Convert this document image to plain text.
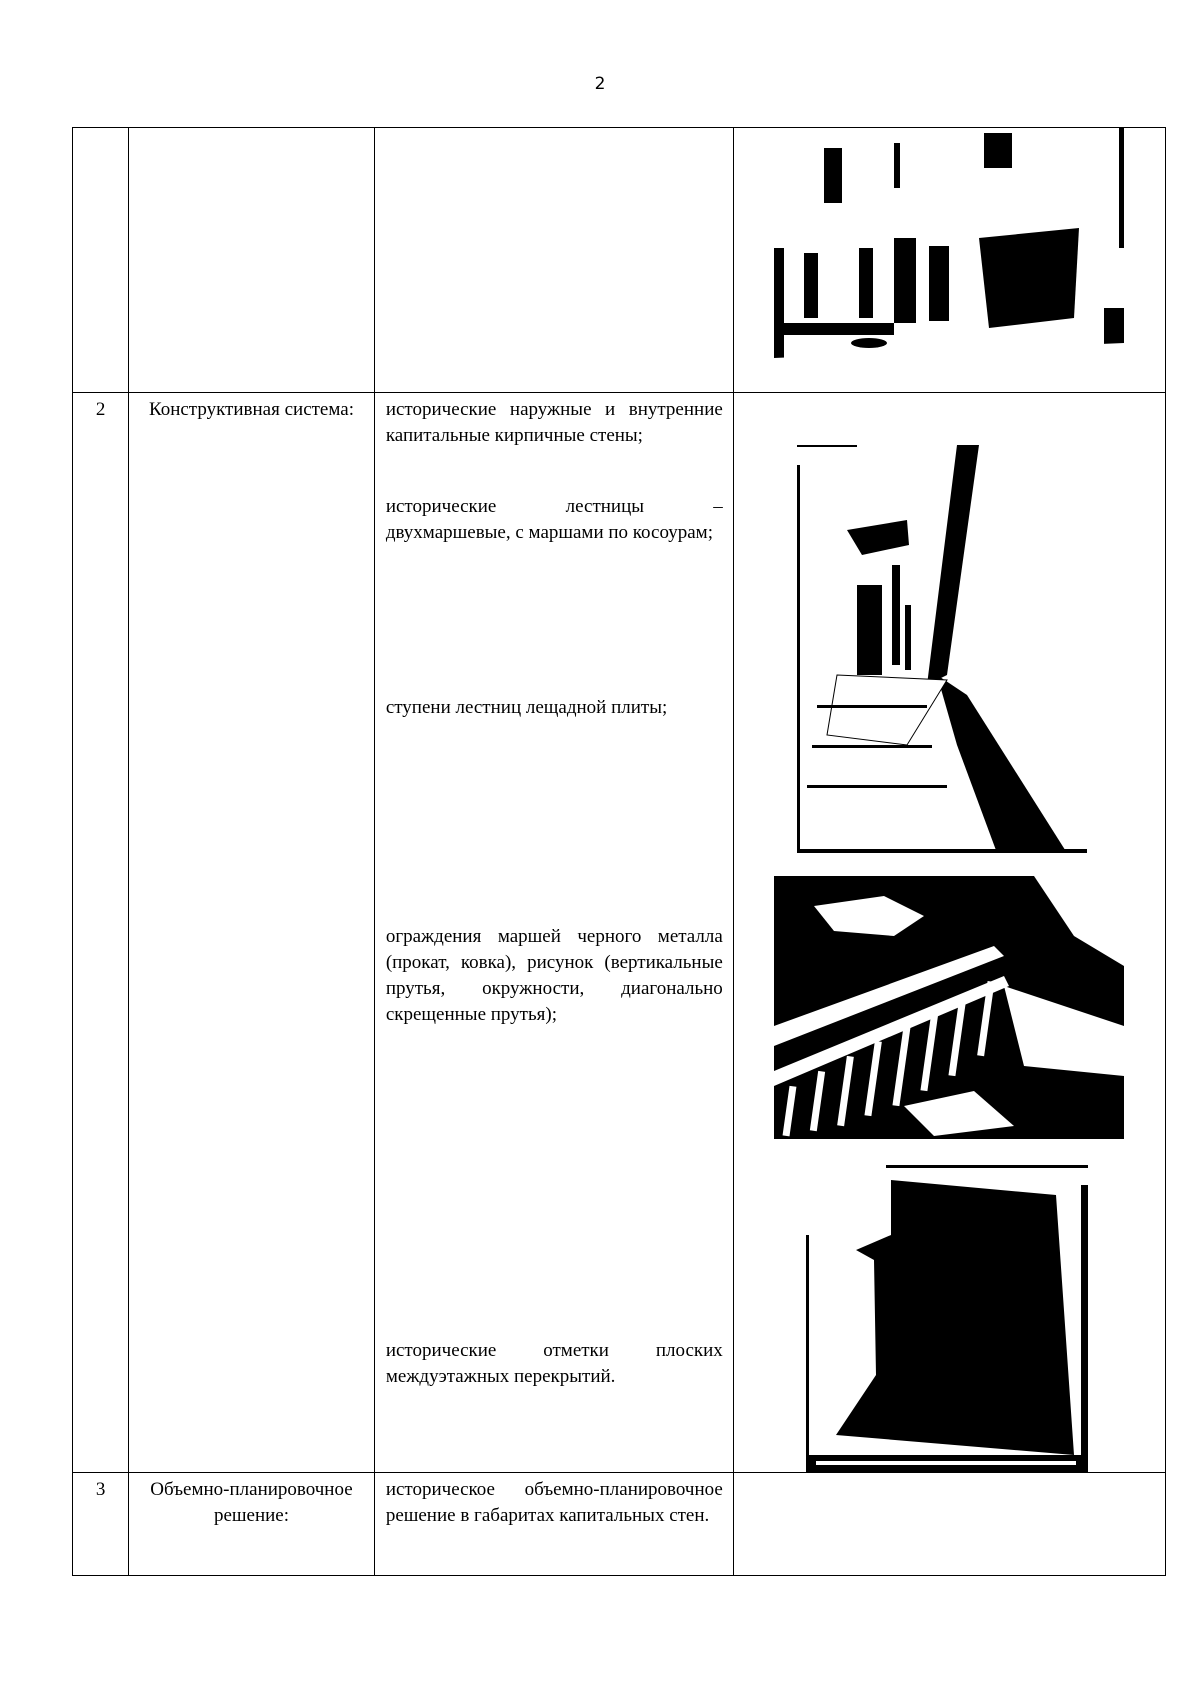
2

2	Конструктивная система:	исторические наружные и внутренние капитальные кирпичные стены;

исторические лестницы – двухмаршевые, с маршами по косоурам;

ступени лестниц лещадной плиты;

ограждения маршей черного металла (прокат, ковка), рисунок (вертикальные прутья, окружности, диагонально скрещенные прутья);

исторические отметки плоских междуэтажных перекрытий.

3	Объемно-планировочное решение:	историческое объемно-планировочное решение в габаритах капитальных стен.	
